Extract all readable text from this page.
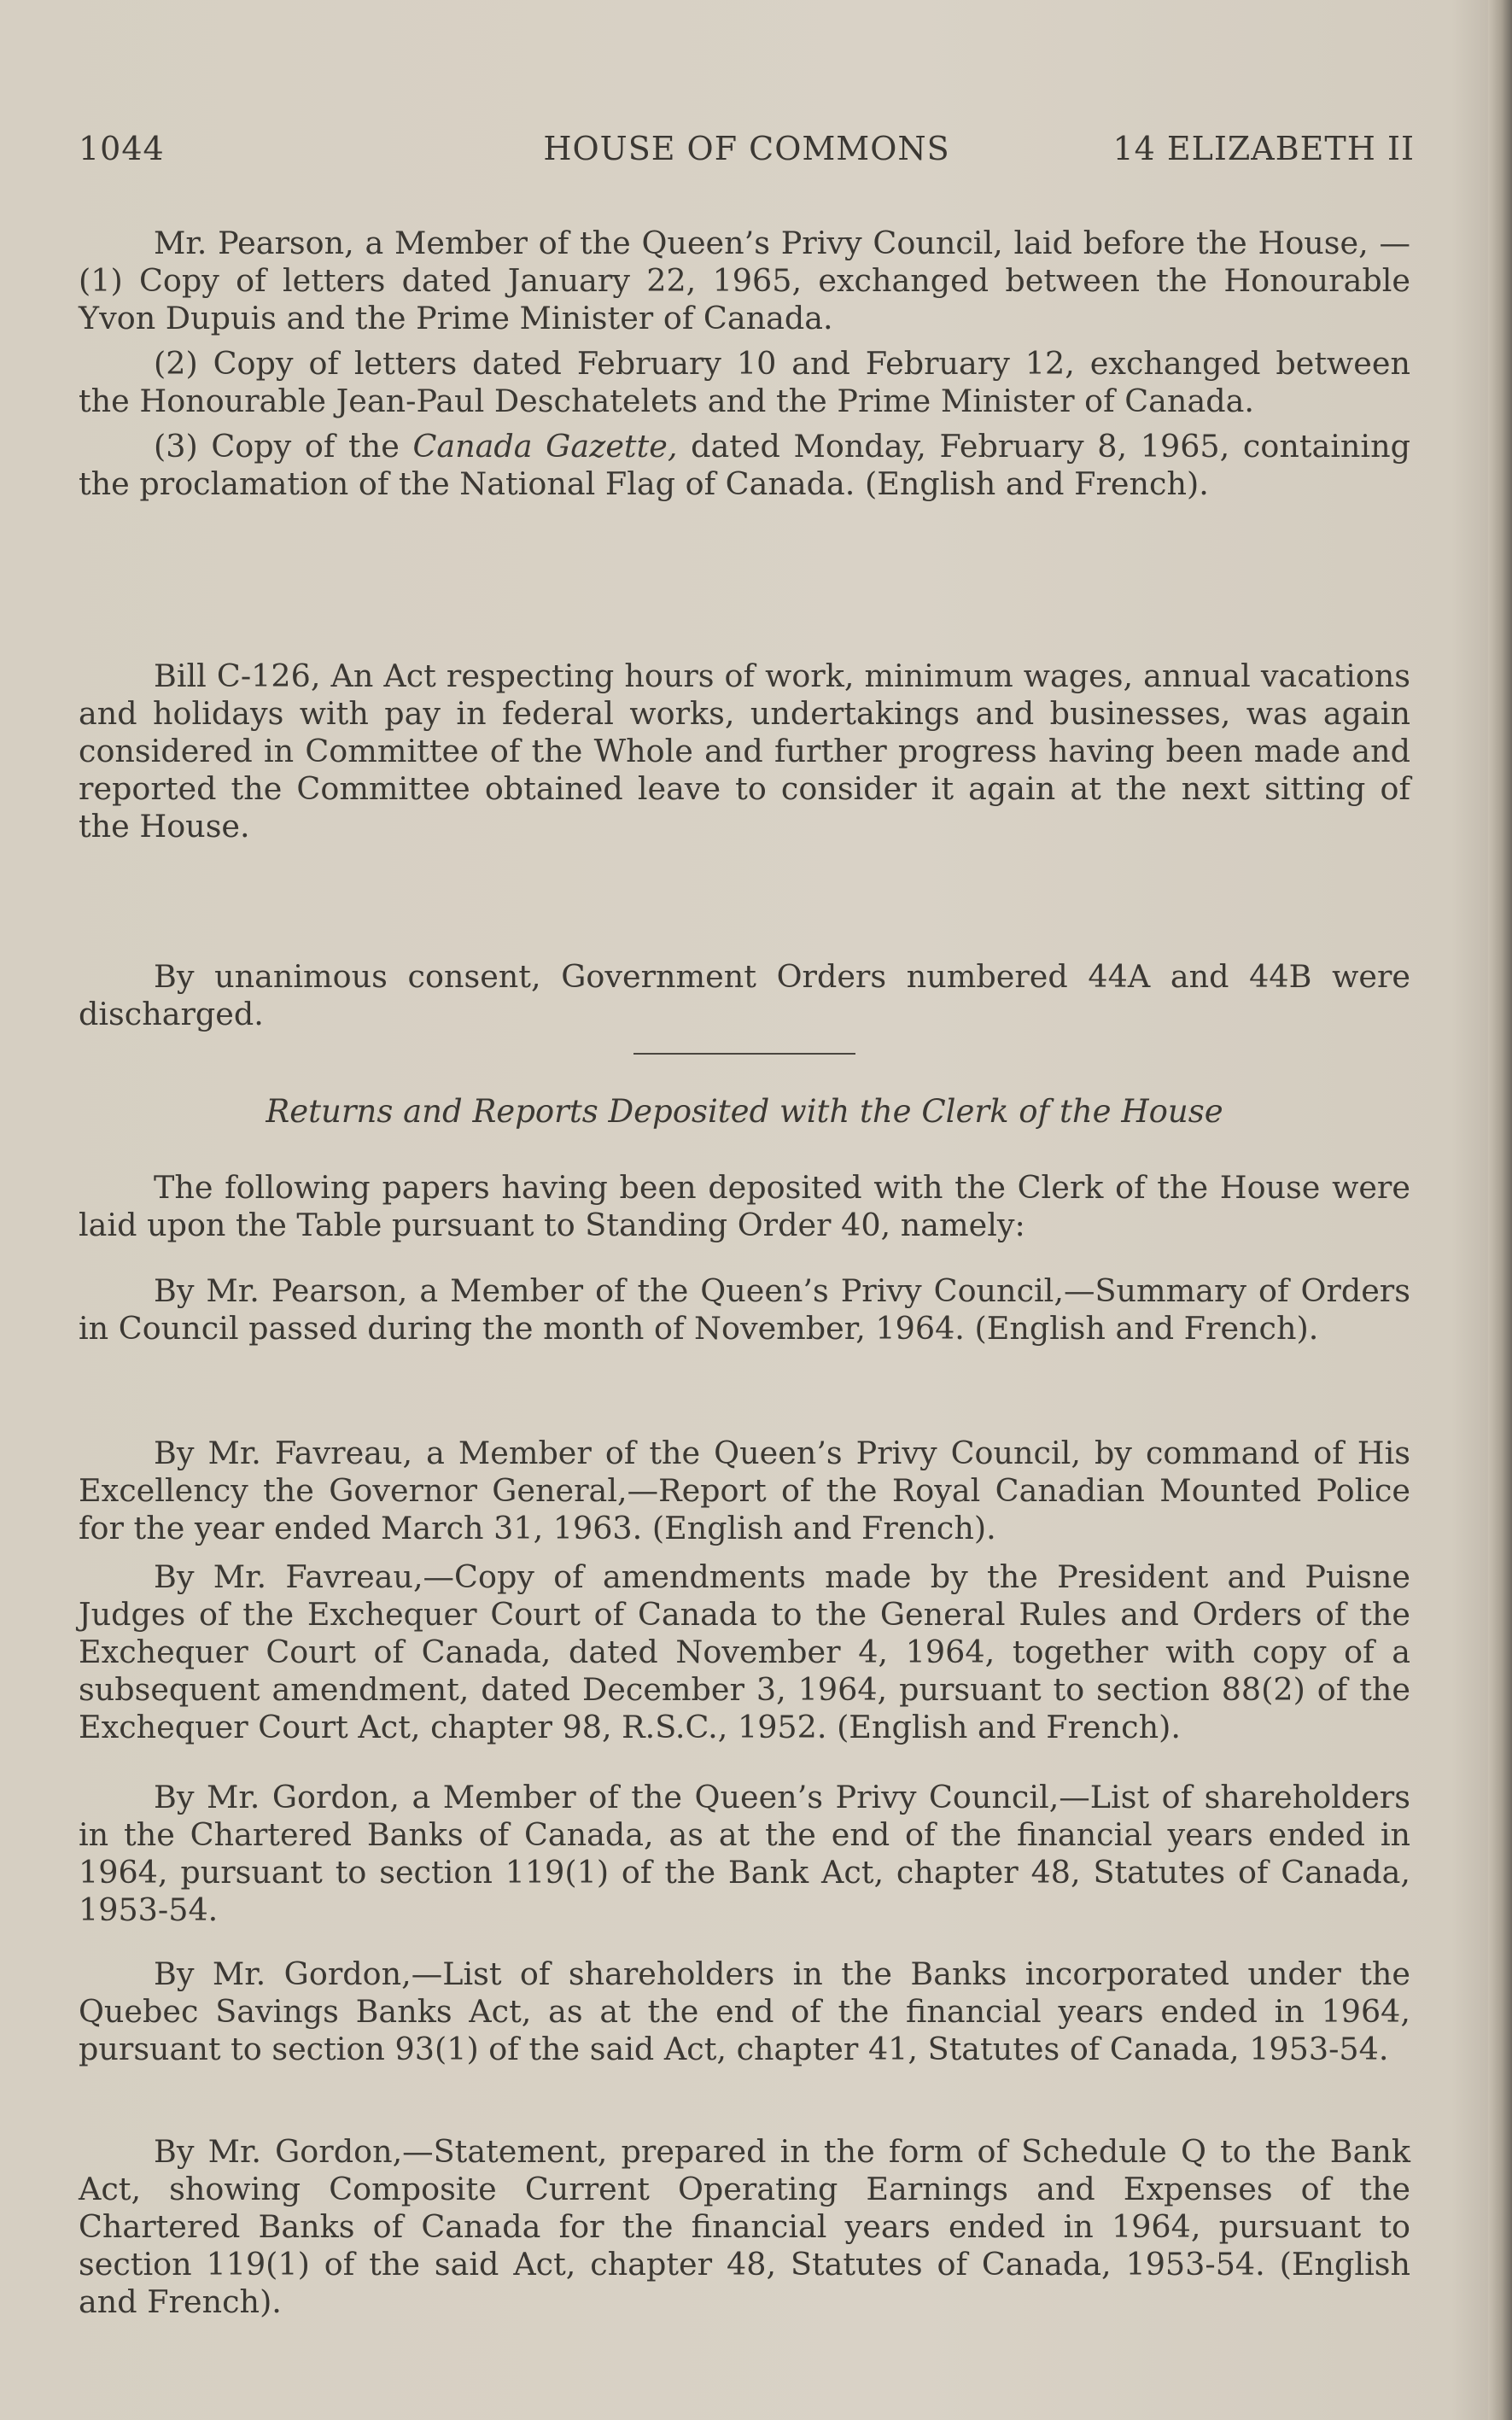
1044	HOUSE OF COMMONS	14 ELIZABETH II

Mr. Pearson, a Member of the Queen’s Privy Council, laid before the House, —(1) Copy of letters dated January 22, 1965, exchanged between the Honourable Yvon Dupuis and the Prime Minister of Canada.

(2) Copy of letters dated February 10 and February 12, exchanged between the Honourable Jean-Paul Deschatelets and the Prime Minister of Canada.

(3) Copy of the Canada Gazette, dated Monday, February 8, 1965, containing the proclamation of the National Flag of Canada. (English and French).

Bill C-126, An Act respecting hours of work, minimum wages, annual vacations and holidays with pay in federal works, undertakings and businesses, was again considered in Committee of the Whole and further progress having been made and reported the Committee obtained leave to consider it again at the next sitting of the House.

By unanimous consent, Government Orders numbered 44A and 44B were discharged.

Returns and Reports Deposited with the Clerk of the House

The following papers having been deposited with the Clerk of the House were laid upon the Table pursuant to Standing Order 40, namely:

By Mr. Pearson, a Member of the Queen’s Privy Council,—Summary of Orders in Council passed during the month of November, 1964. (English and French).

By Mr. Favreau, a Member of the Queen’s Privy Council, by command of His Excellency the Governor General,—Report of the Royal Canadian Mounted Police for the year ended March 31, 1963. (English and French).

By Mr. Favreau,—Copy of amendments made by the President and Puisne Judges of the Exchequer Court of Canada to the General Rules and Orders of the Exchequer Court of Canada, dated November 4, 1964, together with copy of a subsequent amendment, dated December 3, 1964, pursuant to section 88(2) of the Exchequer Court Act, chapter 98, R.S.C., 1952. (English and French).

By Mr. Gordon, a Member of the Queen’s Privy Council,—List of shareholders in the Chartered Banks of Canada, as at the end of the financial years ended in 1964, pursuant to section 119(1) of the Bank Act, chapter 48, Statutes of Canada, 1953-54.

By Mr. Gordon,—List of shareholders in the Banks incorporated under the Quebec Savings Banks Act, as at the end of the financial years ended in 1964, pursuant to section 93(1) of the said Act, chapter 41, Statutes of Canada, 1953-54.

By Mr. Gordon,—Statement, prepared in the form of Schedule Q to the Bank Act, showing Composite Current Operating Earnings and Expenses of the Chartered Banks of Canada for the financial years ended in 1964, pursuant to section 119(1) of the said Act, chapter 48, Statutes of Canada, 1953-54. (English and French).
